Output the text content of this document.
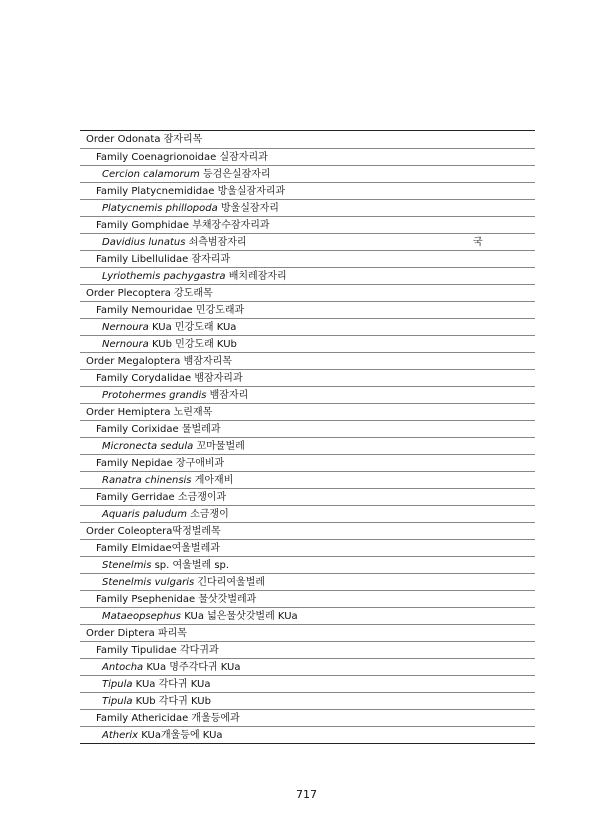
Order Odonata 잠자리목
Family Coenagrionoidae 실잠자리과
Cercion calamorum 등검은실잠자리
Family Platycnemididae 방울실잠자리과
Platycnemis phillopoda 방울실잠자리
Family Gomphidae 부채장수잠자리과
Davidius lunatus 쇠측범잠자리	국
Family Libellulidae 잠자리과
Lyriothemis pachygastra 배치레잠자리
Order Plecoptera 강도래목
Family Nemouridae 민강도래과
Nernoura KUa 민강도래 KUa
Nernoura KUb 민강도래 KUb
Order Megaloptera 뱀잠자리목
Family Corydalidae 뱀잠자리과
Protohermes grandis 뱀잠자리
Order Hemiptera 노린재목
Family Corixidae 물벌레과
Micronecta sedula 꼬마물벌레
Family Nepidae 장구애비과
Ranatra chinensis 게아재비
Family Gerridae 소금쟁이과
Aquaris paludum 소금쟁이
Order Coleoptera딱정벌레목
Family Elmidae여울벌레과
Stenelmis sp. 여울벌레 sp.
Stenelmis vulgaris 긴다리여울벌레
Family Psephenidae 물삿갓벌레과
Mataeopsephus KUa 넓은물삿갓벌레 KUa
Order Diptera 파리목
Family Tipulidae 각다귀과
Antocha KUa 명주각다귀 KUa
Tipula KUa 각다귀 KUa
Tipula KUb 각다귀 KUb
Family Athericidae 개울등에과
Atherix KUa개울등에 KUa
717
